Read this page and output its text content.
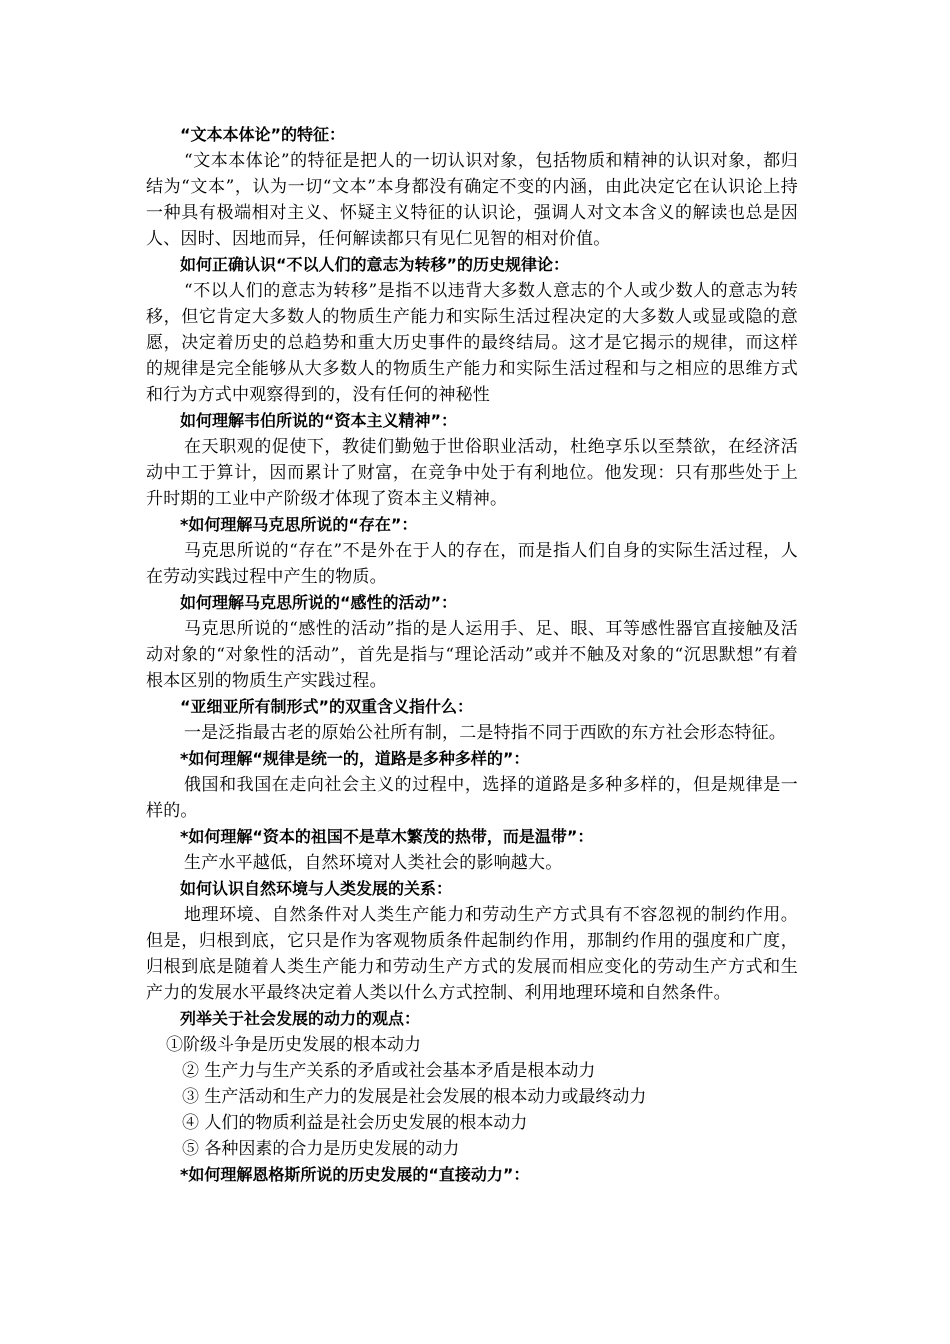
“文本本体论”的特征：

“文本本体论”的特征是把人的一切认识对象，包括物质和精神的认识对象，都归结为“文本”，认为一切“文本”本身都没有确定不变的内涵，由此决定它在认识论上持一种具有极端相对主义、怀疑主义特征的认识论，强调人对文本含义的解读也总是因人、因时、因地而异，任何解读都只有见仁见智的相对价值。

如何正确认识“不以人们的意志为转移”的历史规律论：

“不以人们的意志为转移”是指不以违背大多数人意志的个人或少数人的意志为转移，但它肯定大多数人的物质生产能力和实际生活过程决定的大多数人或显或隐的意愿，决定着历史的总趋势和重大历史事件的最终结局。这才是它揭示的规律，而这样的规律是完全能够从大多数人的物质生产能力和实际生活过程和与之相应的思维方式和行为方式中观察得到的，没有任何的神秘性

如何理解韦伯所说的“资本主义精神”：

在天职观的促使下，教徒们勤勉于世俗职业活动，杜绝享乐以至禁欲，在经济活动中工于算计，因而累计了财富，在竞争中处于有利地位。他发现：只有那些处于上升时期的工业中产阶级才体现了资本主义精神。

*如何理解马克思所说的“存在”：

马克思所说的“存在”不是外在于人的存在，而是指人们自身的实际生活过程，人在劳动实践过程中产生的物质。

如何理解马克思所说的“感性的活动”：

马克思所说的“感性的活动”指的是人运用手、足、眼、耳等感性器官直接触及活动对象的“对象性的活动”，首先是指与“理论活动”或并不触及对象的“沉思默想”有着根本区别的物质生产实践过程。

“亚细亚所有制形式”的双重含义指什么：

一是泛指最古老的原始公社所有制，二是特指不同于西欧的东方社会形态特征。

*如何理解“规律是统一的，道路是多种多样的”：

俄国和我国在走向社会主义的过程中，选择的道路是多种多样的，但是规律是一样的。

*如何理解“资本的祖国不是草木繁茂的热带，而是温带”：

生产水平越低，自然环境对人类社会的影响越大。

如何认识自然环境与人类发展的关系：

地理环境、自然条件对人类生产能力和劳动生产方式具有不容忽视的制约作用。但是，归根到底，它只是作为客观物质条件起制约作用，那制约作用的强度和广度，归根到底是随着人类生产能力和劳动生产方式的发展而相应变化的劳动生产方式和生产力的发展水平最终决定着人类以什么方式控制、利用地理环境和自然条件。

列举关于社会发展的动力的观点：

①阶级斗争是历史发展的根本动力

② 生产力与生产关系的矛盾或社会基本矛盾是根本动力

③ 生产活动和生产力的发展是社会发展的根本动力或最终动力

④ 人们的物质利益是社会历史发展的根本动力

⑤ 各种因素的合力是历史发展的动力

*如何理解恩格斯所说的历史发展的“直接动力”：
